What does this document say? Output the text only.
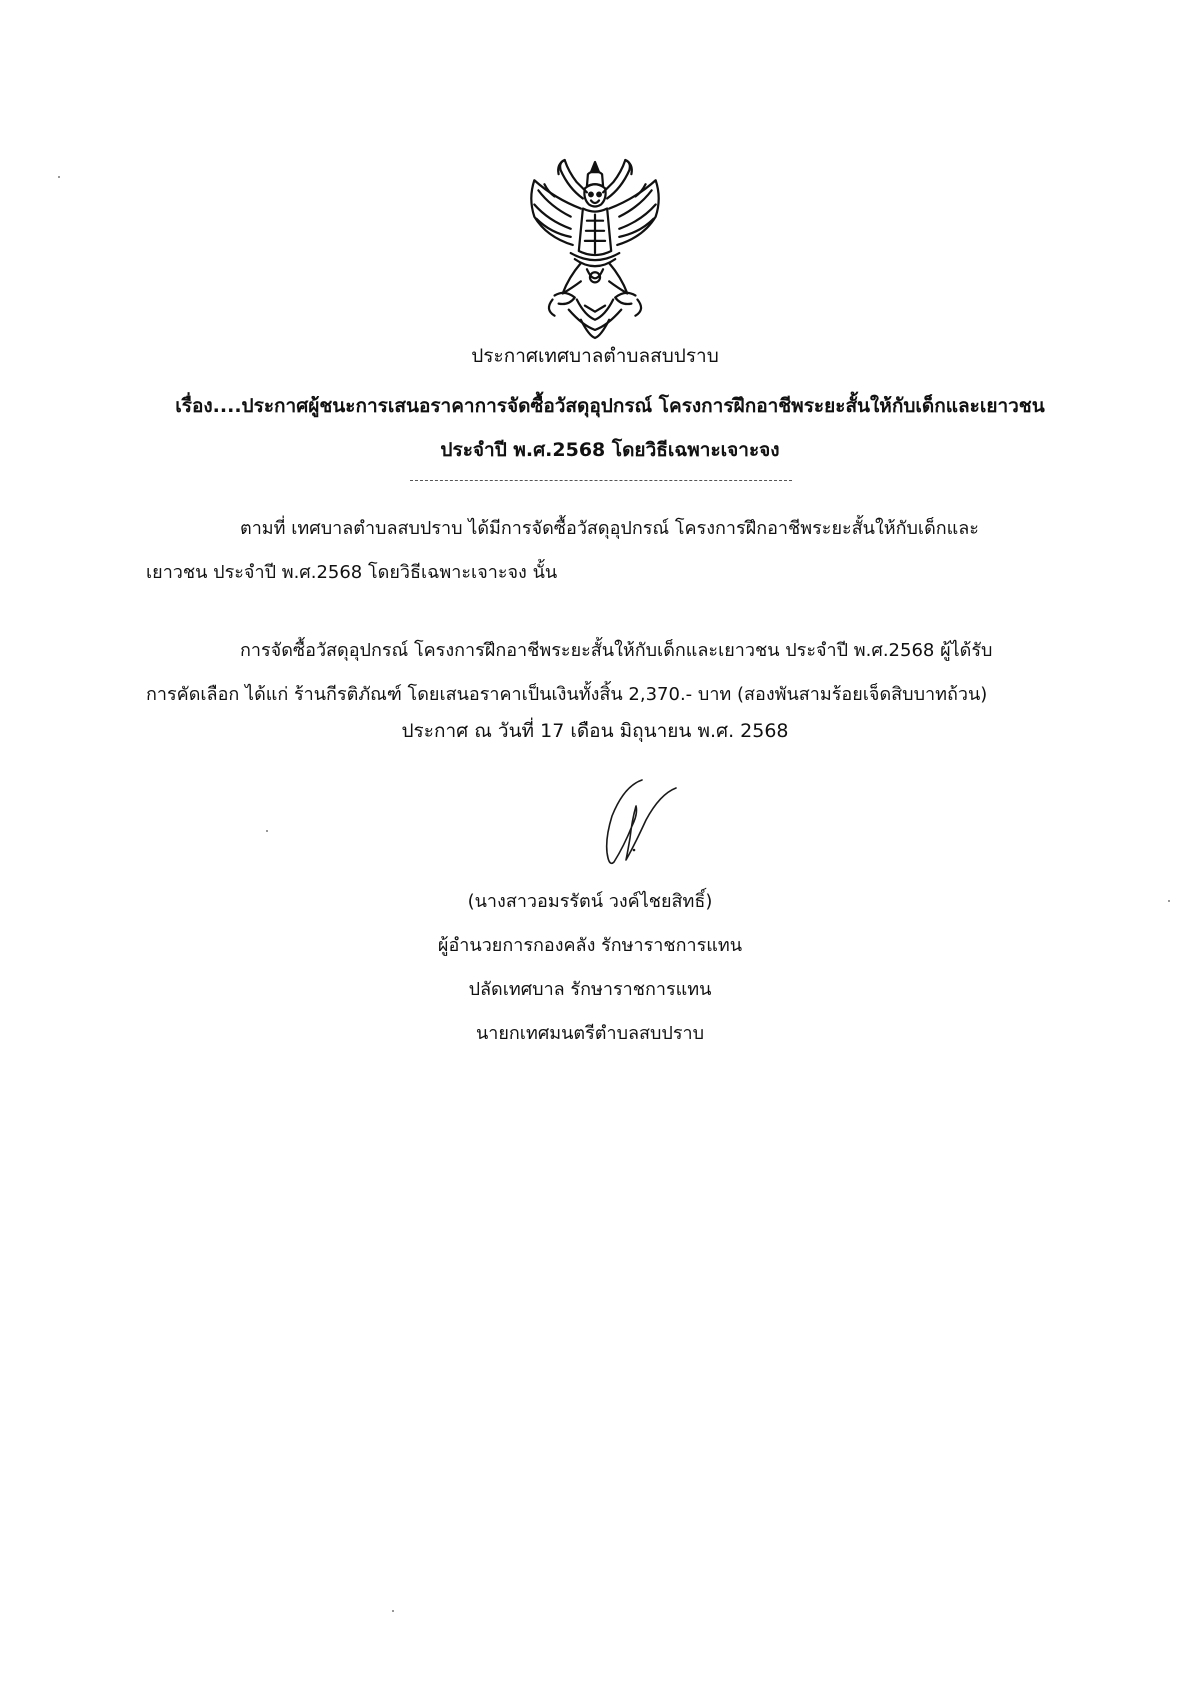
ประกาศเทศบาลตำบลสบปราบ
เรื่อง....ประกาศผู้ชนะการเสนอราคาการจัดซื้อวัสดุอุปกรณ์ โครงการฝึกอาชีพระยะสั้นให้กับเด็กและเยาวชน
ประจำปี พ.ศ.2568 โดยวิธีเฉพาะเจาะจง
ตามที่ เทศบาลตำบลสบปราบ ได้มีการจัดซื้อวัสดุอุปกรณ์ โครงการฝึกอาชีพระยะสั้นให้กับเด็กและ
เยาวชน ประจำปี พ.ศ.2568 โดยวิธีเฉพาะเจาะจง นั้น
การจัดซื้อวัสดุอุปกรณ์ โครงการฝึกอาชีพระยะสั้นให้กับเด็กและเยาวชน ประจำปี พ.ศ.2568 ผู้ได้รับ
การคัดเลือก ได้แก่ ร้านกีรติภัณฑ์ โดยเสนอราคาเป็นเงินทั้งสิ้น 2,370.- บาท (สองพันสามร้อยเจ็ดสิบบาทถ้วน)
ประกาศ ณ วันที่ 17 เดือน มิถุนายน พ.ศ. 2568
(นางสาวอมรรัตน์ วงค์ไชยสิทธิ์)
ผู้อำนวยการกองคลัง รักษาราชการแทน
ปลัดเทศบาล รักษาราชการแทน
นายกเทศมนตรีตำบลสบปราบ
